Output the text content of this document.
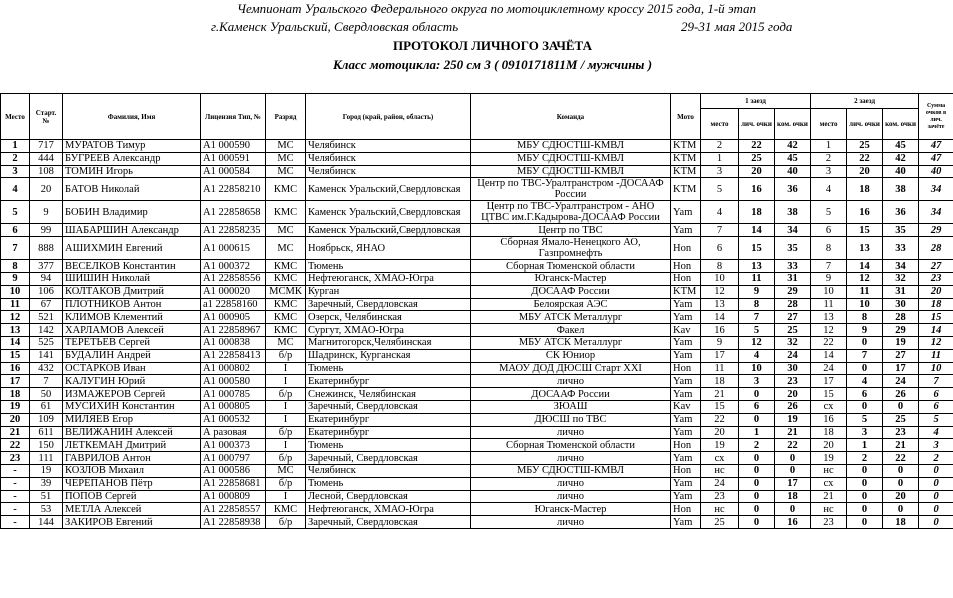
Чемпионат Уральского Федерального округа по мотоциклетному кроссу 2015 года, 1-й этап
г.Каменск Уральский, Свердловская область	29-31 мая 2015 года
ПРОТОКОЛ ЛИЧНОГО ЗАЧЁТА
Класс мотоцикла: 250 см 3 ( 0910171811М / мужчины )
Место	Старт. №	Фамилия, Имя	Лицензия Тип, №	Разряд	Город (край, район, область)	Команда	Мото	1 заезд			2 заезд			Сумма очков в лич. зачёте
								место	лич. очки	ком. очки	место	лич. очки	ком. очки	
1	717	МУРАТОВ Тимур	А1 000590	МС	Челябинск	МБУ СДЮСТШ-КМВЛ	KTM	2	22	42	1	25	45	47
2	444	БУГРЕЕВ Александр	А1 000591	МС	Челябинск	МБУ СДЮСТШ-КМВЛ	KTM	1	25	45	2	22	42	47
3	108	ТОМИН Игорь	А1 000584	МС	Челябинск	МБУ СДЮСТШ-КМВЛ	KTM	3	20	40	3	20	40	40
4	20	БАТОВ Николай	А1 22858210	КМС	Каменск Уральский,Свердловская	Центр по ТВС-Уралтранстром -ДОСААФ России	KTM	5	16	36	4	18	38	34
5	9	БОБИН Владимир	А1 22858658	КМС	Каменск Уральский,Свердловская	Центр по ТВС-Уралтранстром - АНО ЦТВС им.Г.Кадырова-ДОСААФ России	Yam	4	18	38	5	16	36	34
6	99	ШАБАРШИН Александр	А1 22858235	МС	Каменск Уральский,Свердловская	Центр по ТВС	Yam	7	14	34	6	15	35	29
7	888	АШИХМИН Евгений	А1 000615	МС	Ноябрьск, ЯНАО	Сборная Ямало-Ненецкого АО, Газпромнефть	Hon	6	15	35	8	13	33	28
8	377	ВЕСЕЛКОВ Константин	А1 000372	КМС	Тюмень	Сборная Тюменской области	Hon	8	13	33	7	14	34	27
9	94	ШИШИН Николай	А1 22858556	КМС	Нефтеюганск, ХМАО-Югра	Юганск-Мастер	Hon	10	11	31	9	12	32	23
10	106	КОЛТАКОВ Дмитрий	А1 000020	МСМК	Курган	ДОСААФ России	KTM	12	9	29	10	11	31	20
11	67	ПЛОТНИКОВ Антон	а1 22858160	КМС	Заречный, Свердловская	Белоярская АЭС	Yam	13	8	28	11	10	30	18
12	521	КЛИМОВ Клементий	А1 000905	КМС	Озерск, Челябинская	МБУ АТСК Металлург	Yam	14	7	27	13	8	28	15
13	142	ХАРЛАМОВ Алексей	А1 22858967	КМС	Сургут, ХМАО-Югра	Факел	Kav	16	5	25	12	9	29	14
14	525	ТЕРЕТЬЕВ Сергей	А1 000838	МС	Магнитогорск,Челябинская	МБУ АТСК Металлург	Yam	9	12	32	22	0	19	12
15	141	БУДАЛИН Андрей	А1 22858413	б/р	Шадринск, Курганская	СК Юниор	Yam	17	4	24	14	7	27	11
16	432	ОСТАРКОВ Иван	А1 000802	I	Тюмень	МАОУ ДОД ДЮСШ Старт XXI	Hon	11	10	30	24	0	17	10
17	7	КАЛУГИН Юрий	А1 000580	I	Екатеринбург	лично	Yam	18	3	23	17	4	24	7
18	50	ИЗМАЖЕРОВ Сергей	А1 000785	б/р	Снежинск, Челябинская	ДОСААФ России	Yam	21	0	20	15	6	26	6
19	61	МУСИХИН Константин	А1 000805	I	Заречный, Свердловская	ЗЮАШ	Kav	15	6	26	сх	0	0	6
20	109	МИЛЯЕВ Егор	А1 000532	I	Екатеринбург	ДЮСШ по ТВС	Yam	22	0	19	16	5	25	5
21	611	ВЕЛИЖАНИН Алексей	А разовая	б/р	Екатеринбург	лично	Yam	20	1	21	18	3	23	4
22	150	ЛЕТКЕМАН Дмитрий	А1 000373	I	Тюмень	Сборная Тюменской области	Hon	19	2	22	20	1	21	3
23	111	ГАВРИЛОВ Антон	А1 000797	б/р	Заречный, Свердловская	лично	Yam	сх	0	0	19	2	22	2
-	19	КОЗЛОВ Михаил	А1 000586	МС	Челябинск	МБУ СДЮСТШ-КМВЛ	Hon	нс	0	0	нс	0	0	0
-	39	ЧЕРЕПАНОВ Пётр	А1 22858681	б/р	Тюмень	лично	Yam	24	0	17	сх	0	0	0
-	51	ПОПОВ Сергей	А1 000809	I	Лесной, Свердловская	лично	Yam	23	0	18	21	0	20	0
-	53	МЕТЛА Алексей	А1 22858557	КМС	Нефтеюганск, ХМАО-Югра	Юганск-Мастер	Hon	нс	0	0	нс	0	0	0
-	144	ЗАКИРОВ Евгений	А1 22858938	б/р	Заречный, Свердловская	лично	Yam	25	0	16	23	0	18	0
